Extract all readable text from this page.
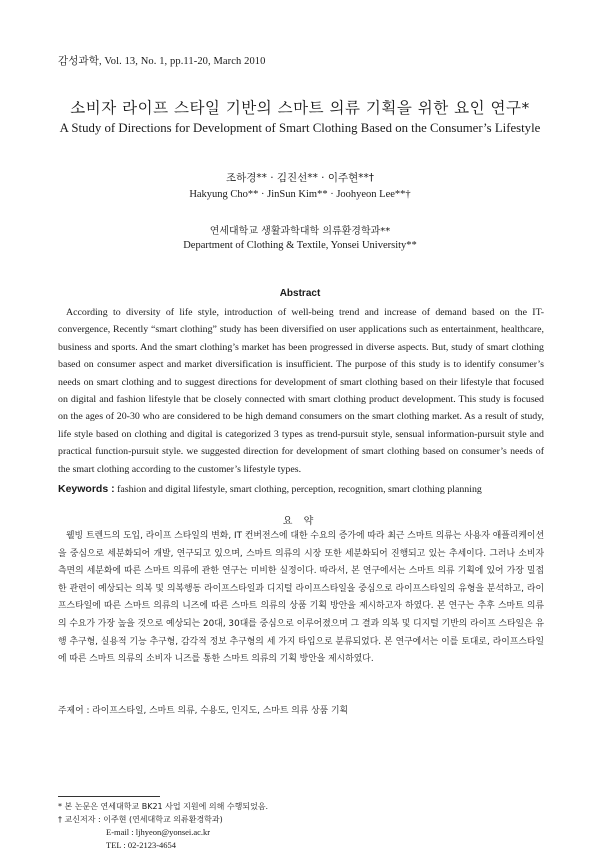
감성과학, Vol. 13, No. 1, pp.11-20, March 2010
소비자 라이프 스타일 기반의 스마트 의류 기획을 위한 요인 연구*
A Study of Directions for Development of Smart Clothing Based on the Consumer’s Lifestyle
조하경** · 김진선** · 이주현**†
Hakyung Cho** · JinSun Kim** · Joohyeon Lee**†
연세대학교 생활과학대학 의류환경학과**
Department of Clothing & Textile, Yonsei University**
Abstract

According to diversity of life style, introduction of well-being trend and increase of demand based on the IT-convergence, Recently “smart clothing” study has been diversified on user applications such as entertainment, healthcare, business and sports. And the smart clothing’s market has been progressed in diverse aspects. But, study of smart clothing based on consumer aspect and market diversification is insufficient. The purpose of this study is to identify consumer’s needs on smart clothing and to suggest directions for development of smart clothing based on their lifestyle that focused on digital and fashion lifestyle that be closely connected with smart clothing product development. This study is focused on the ages of 20-30 who are considered to be high demand consumers on the smart clothing market. As a result of study, life style based on clothing and digital is categorized 3 types as trend-pursuit style, sensual information-pursuit style and practical function-pursuit style. we suggested direction for development of smart clothing based on consumer’s needs of the smart clothing according to the customer’s lifestyle types.

Keywords : fashion and digital lifestyle, smart clothing, perception, recognition, smart clothing planning
요 약

웰빙 트렌드의 도입, 라이프 스타일의 변화, IT 컨버전스에 대한 수요의 증가에 따라 최근 스마트 의류는 사용자 애플리케이션을 중심으로 세분화되어 개발, 연구되고 있으며, 스마트 의류의 시장 또한 세분화되어 진행되고 있는 추세이다. 그러나 소비자 측면의 세분화에 따른 스마트 의류에 관한 연구는 미비한 실정이다. 따라서, 본 연구에서는 스마트 의류 기획에 있어 가장 밀접한 관련이 예상되는 의복 및 의복행동 라이프스타일과 디지털 라이프스타일을 중심으로 라이프스타일의 유형을 분석하고, 라이프스타일에 따른 스마트 의류의 니즈에 따른 스마트 의류의 상품 기획 방안을 제시하고자 하였다. 본 연구는 추후 스마트 의류의 수요가 가장 높을 것으로 예상되는 20대, 30대를 중심으로 이루어졌으며 그 결과 의복 및 디지털 기반의 라이프 스타일은 유행 추구형, 실용적 기능 추구형, 감각적 정보 추구형의 세 가지 타입으로 분류되었다. 본 연구에서는 이를 토대로, 라이프스타일에 따른 스마트 의류의 소비자 니즈를 통한 스마트 의류의 기획 방안을 제시하였다.

주제어 : 라이프스타일, 스마트 의류, 수용도, 인지도, 스마트 의류 상품 기획
* 본 논문은 연세대학교 BK21 사업 지원에 의해 수행되었음.
† 교신저자 : 이주현 (연세대학교 의류환경학과)
E-mail : ljhyeon@yonsei.ac.kr
TEL : 02-2123-4654
